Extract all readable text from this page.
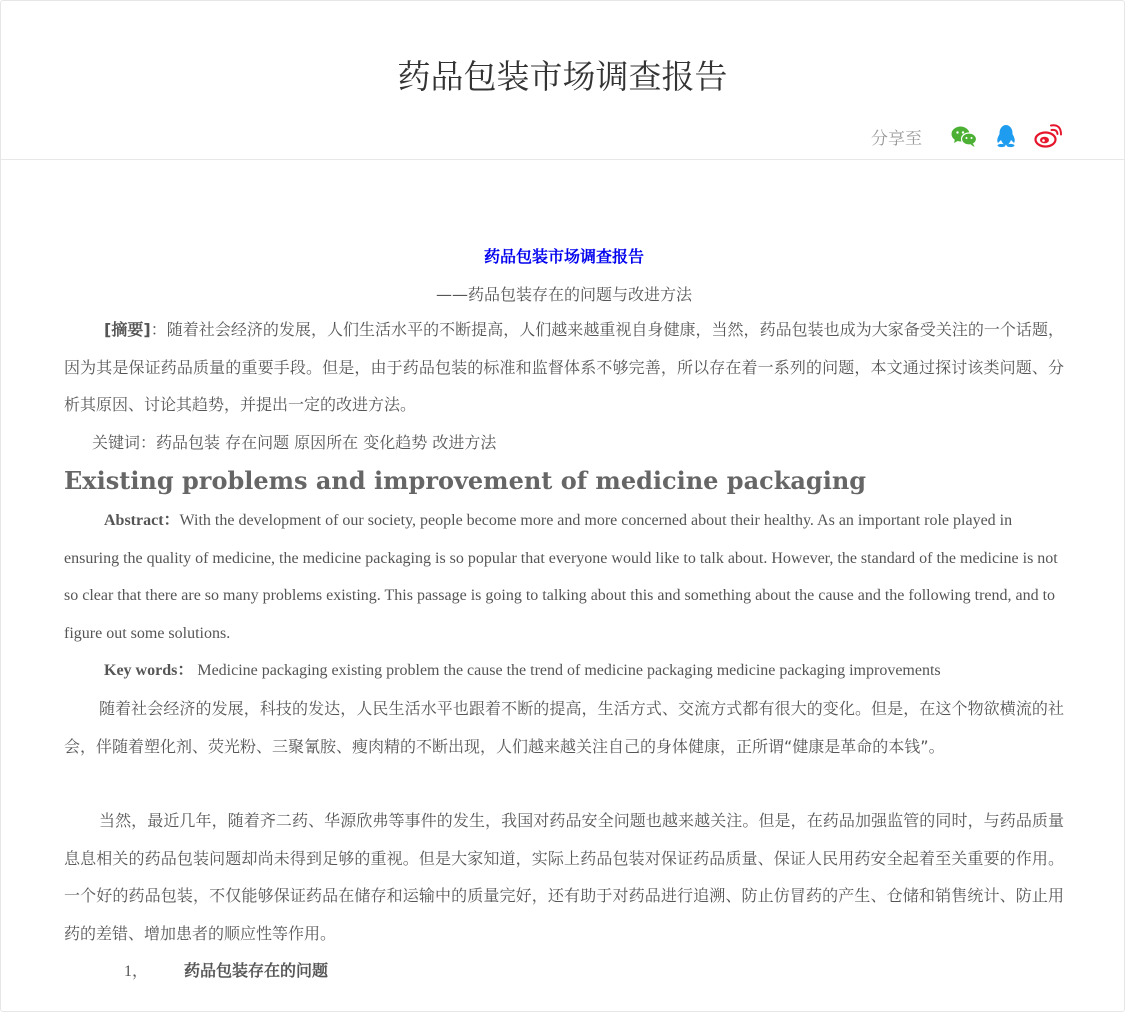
药品包装市场调查报告
分享至
药品包装市场调查报告
——药品包装存在的问题与改进方法
[摘要]：随着社会经济的发展，人们生活水平的不断提高，人们越来越重视自身健康，当然，药品包装也成为大家备受关注的一个话题，因为其是保证药品质量的重要手段。但是，由于药品包装的标准和监督体系不够完善，所以存在着一系列的问题，本文通过探讨该类问题、分析其原因、讨论其趋势，并提出一定的改进方法。
关键词：药品包装 存在问题 原因所在 变化趋势 改进方法
Existing problems and improvement of medicine packaging
Abstract：With the development of our society, people become more and more concerned about their healthy. As an important role played in ensuring the quality of medicine, the medicine packaging is so popular that everyone would like to talk about. However, the standard of the medicine is not so clear that there are so many problems existing. This passage is going to talking about this and something about the cause and the following trend, and to figure out some solutions.
Key words： Medicine packaging existing problem the cause the trend of medicine packaging medicine packaging improvements
随着社会经济的发展，科技的发达，人民生活水平也跟着不断的提高，生活方式、交流方式都有很大的变化。但是，在这个物欲横流的社会，伴随着塑化剂、荧光粉、三聚氰胺、瘦肉精的不断出现，人们越来越关注自己的身体健康，正所谓“健康是革命的本钱”。
当然，最近几年，随着齐二药、华源欣弗等事件的发生，我国对药品安全问题也越来越关注。但是，在药品加强监管的同时，与药品质量息息相关的药品包装问题却尚未得到足够的重视。但是大家知道，实际上药品包装对保证药品质量、保证人民用药安全起着至关重要的作用。一个好的药品包装，不仅能够保证药品在储存和运输中的质量完好，还有助于对药品进行追溯、防止仿冒药的产生、仓储和销售统计、防止用药的差错、增加患者的顺应性等作用。
1， 药品包装存在的问题
